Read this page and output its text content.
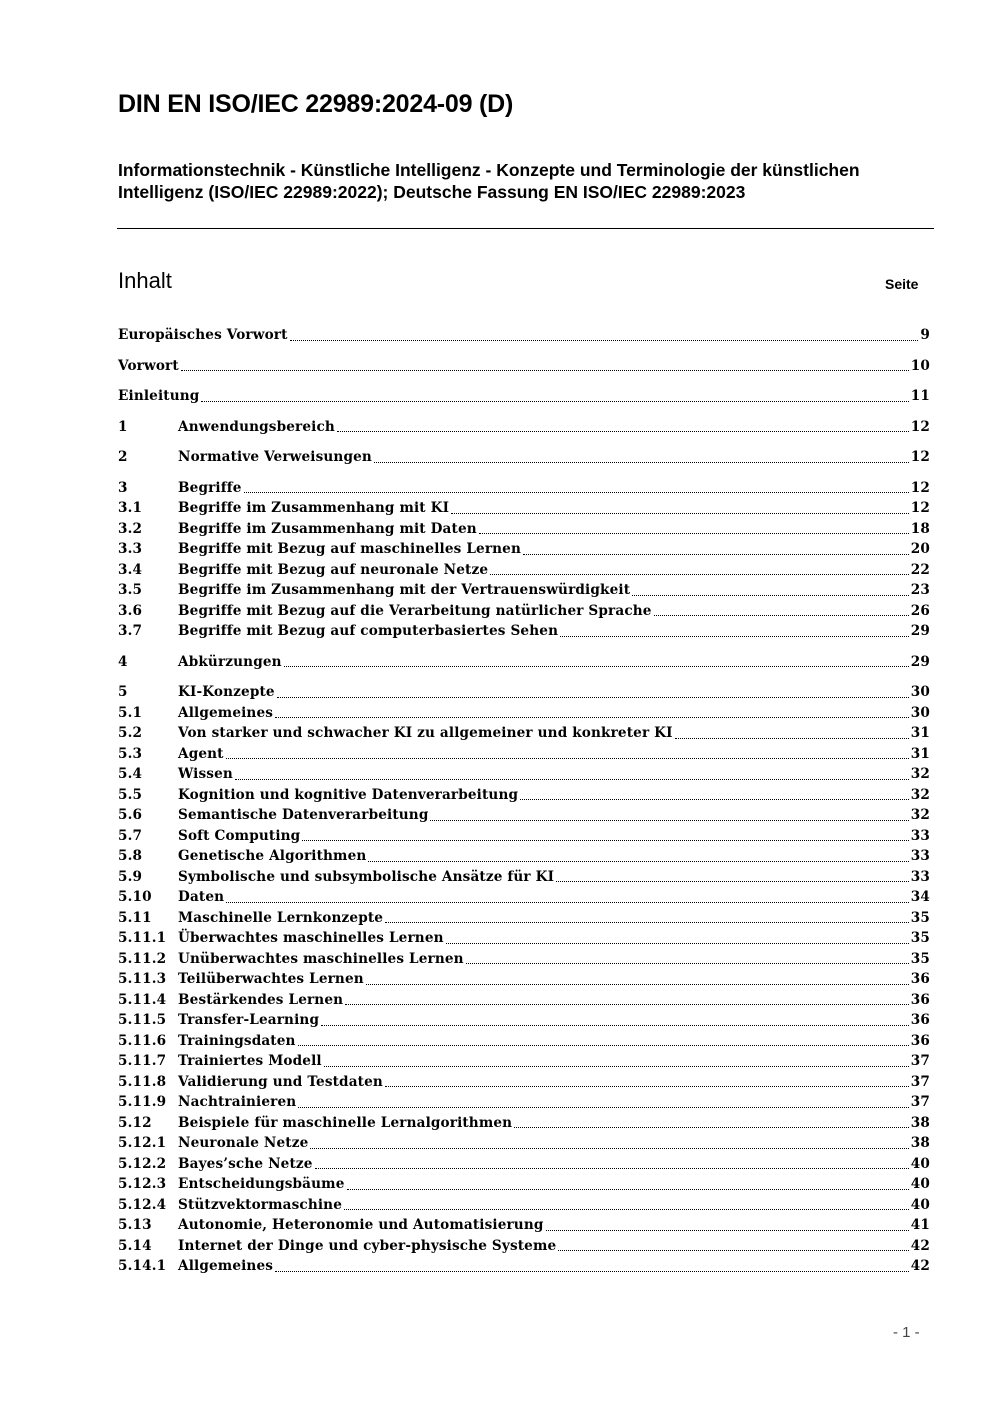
DIN EN ISO/IEC 22989:2024-09 (D)
Informationstechnik - Künstliche Intelligenz - Konzepte und Terminologie der künstlichen Intelligenz (ISO/IEC 22989:2022); Deutsche Fassung EN ISO/IEC 22989:2023
Inhalt	Seite
Europäisches Vorwort	9
Vorwort	10
Einleitung	11
1	Anwendungsbereich	12
2	Normative Verweisungen	12
3	Begriffe	12
3.1	Begriffe im Zusammenhang mit KI	12
3.2	Begriffe im Zusammenhang mit Daten	18
3.3	Begriffe mit Bezug auf maschinelles Lernen	20
3.4	Begriffe mit Bezug auf neuronale Netze	22
3.5	Begriffe im Zusammenhang mit der Vertrauenswürdigkeit	23
3.6	Begriffe mit Bezug auf die Verarbeitung natürlicher Sprache	26
3.7	Begriffe mit Bezug auf computerbasiertes Sehen	29
4	Abkürzungen	29
5	KI-Konzepte	30
5.1	Allgemeines	30
5.2	Von starker und schwacher KI zu allgemeiner und konkreter KI	31
5.3	Agent	31
5.4	Wissen	32
5.5	Kognition und kognitive Datenverarbeitung	32
5.6	Semantische Datenverarbeitung	32
5.7	Soft Computing	33
5.8	Genetische Algorithmen	33
5.9	Symbolische und subsymbolische Ansätze für KI	33
5.10	Daten	34
5.11	Maschinelle Lernkonzepte	35
5.11.1 Überwachtes maschinelles Lernen	35
5.11.2 Unüberwachtes maschinelles Lernen	35
5.11.3 Teilüberwachtes Lernen	36
5.11.4 Bestärkendes Lernen	36
5.11.5 Transfer-Learning	36
5.11.6 Trainingsdaten	36
5.11.7 Trainiertes Modell	37
5.11.8 Validierung und Testdaten	37
5.11.9 Nachtrainieren	37
5.12	Beispiele für maschinelle Lernalgorithmen	38
5.12.1 Neuronale Netze	38
5.12.2 Bayes’sche Netze	40
5.12.3 Entscheidungsbäume	40
5.12.4 Stützvektormaschine	40
5.13	Autonomie, Heteronomie und Automatisierung	41
5.14	Internet der Dinge und cyber-physische Systeme	42
5.14.1 Allgemeines	42
- 1 -
